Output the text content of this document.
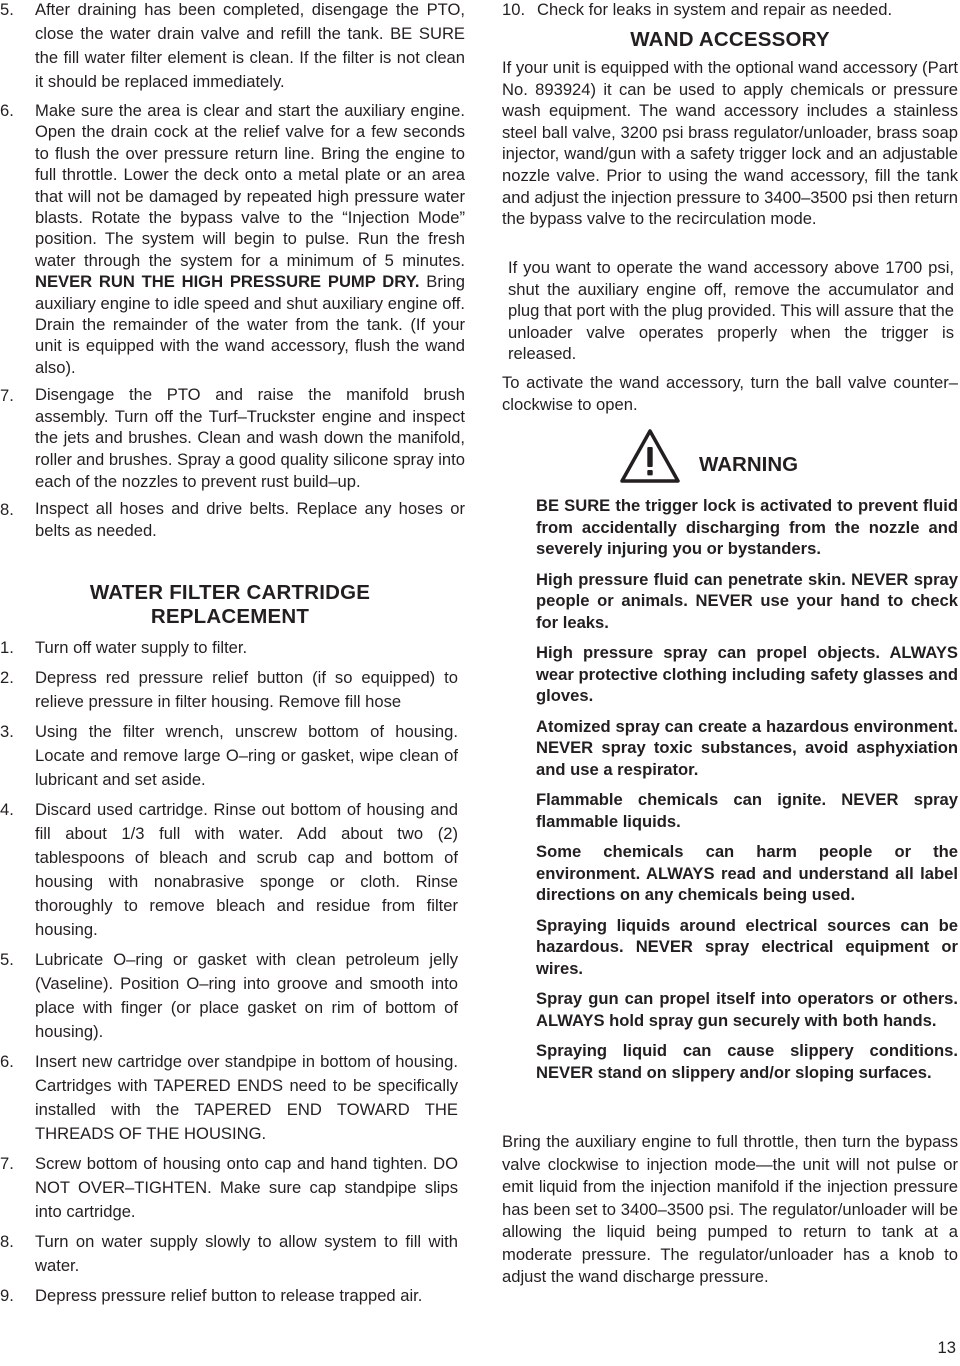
5.	After draining has been completed, disengage the PTO, close the water drain valve and refill the tank. BE SURE the fill water filter element is clean. If the filter is not clean it should be replaced immediately.
6.	Make sure the area is clear and start the auxiliary engine. Open the drain cock at the relief valve for a few seconds to flush the over pressure return line. Bring the engine to full throttle. Lower the deck onto a metal plate or an area that will not be damaged by repeated high pressure water blasts. Rotate the bypass valve to the “Injection Mode” position. The system will begin to pulse. Run the fresh water through the system for a minimum of 5 minutes. NEVER RUN THE HIGH PRESSURE PUMP DRY. Bring auxiliary engine to idle speed and shut auxiliary engine off. Drain the remainder of the water from the tank. (If your unit is equipped with the wand accessory, flush the wand also).
7.	Disengage the PTO and raise the manifold brush assembly. Turn off the Turf–Truckster engine and inspect the jets and brushes. Clean and wash down the manifold, roller and brushes. Spray a good quality silicone spray into each of the nozzles to prevent rust build–up.
8.	Inspect all hoses and drive belts. Replace any hoses or belts as needed.

WATER FILTER CARTRIDGE

REPLACEMENT

1.	Turn off water supply to filter.
2.	Depress red pressure relief button (if so equipped) to relieve pressure in filter housing. Remove fill hose
3.	Using the filter wrench, unscrew bottom of housing. Locate and remove large O–ring or gasket, wipe clean of lubricant and set aside.
4.	Discard used cartridge. Rinse out bottom of housing and fill about 1/3 full with water. Add about two (2) tablespoons of bleach and scrub cap and bottom of housing with nonabrasive sponge or cloth. Rinse thoroughly to remove bleach and residue from filter housing.
5.	Lubricate O–ring or gasket with clean petroleum jelly (Vaseline). Position O–ring into groove and smooth into place with finger (or place gasket on rim of bottom of housing).
6.	Insert new cartridge over standpipe in bottom of housing. Cartridges with TAPERED ENDS need to be specifically installed with the TAPERED END TOWARD THE THREADS OF THE HOUSING.
7.	Screw bottom of housing onto cap and hand tighten. DO NOT OVER–TIGHTEN. Make sure cap standpipe slips into cartridge.
8.	Turn on water supply slowly to allow system to fill with water.
9.	Depress pressure relief button to release trapped air.
10. Check for leaks in system and repair as needed.

WAND ACCESSORY

If your unit is equipped with the optional wand accessory (Part No. 893924) it can be used to apply chemicals or pressure wash equipment. The wand accessory includes a stainless steel ball valve, 3200 psi brass regulator/unloader, brass soap injector, wand/gun with a safety trigger lock and an adjustable nozzle valve. Prior to using the wand accessory, fill the tank and adjust the injection pressure to 3400–3500 psi then return the bypass valve to the recirculation mode.

If you want to operate the wand accessory above 1700 psi, shut the auxiliary engine off, remove the accumulator and plug that port with the plug provided. This will assure that the unloader valve operates properly when the trigger is released.

To activate the wand accessory, turn the ball valve counter–clockwise to open.

WARNING

BE SURE the trigger lock is activated to prevent fluid from accidentally discharging from the nozzle and severely injuring you or bystanders.

High pressure fluid can penetrate skin. NEVER spray people or animals. NEVER use your hand to check for leaks.

High pressure spray can propel objects. ALWAYS wear protective clothing including safety glasses and gloves.

Atomized spray can create a hazardous environment. NEVER spray toxic substances, avoid asphyxiation and use a respirator.

Flammable chemicals can ignite. NEVER spray flammable liquids.

Some chemicals can harm people or the environment. ALWAYS read and understand all label directions on any chemicals being used.

Spraying liquids around electrical sources can be hazardous. NEVER spray electrical equipment or wires.

Spray gun can propel itself into operators or others. ALWAYS hold spray gun securely with both hands.

Spraying liquid can cause slippery conditions. NEVER stand on slippery and/or sloping surfaces.

Bring the auxiliary engine to full throttle, then turn the bypass valve clockwise to injection mode—the unit will not pulse or emit liquid from the injection manifold if the injection pressure has been set to 3400–3500 psi. The regulator/unloader will be allowing the liquid being pumped to return to tank at a moderate pressure. The regulator/unloader has a knob to adjust the wand discharge pressure.

13
